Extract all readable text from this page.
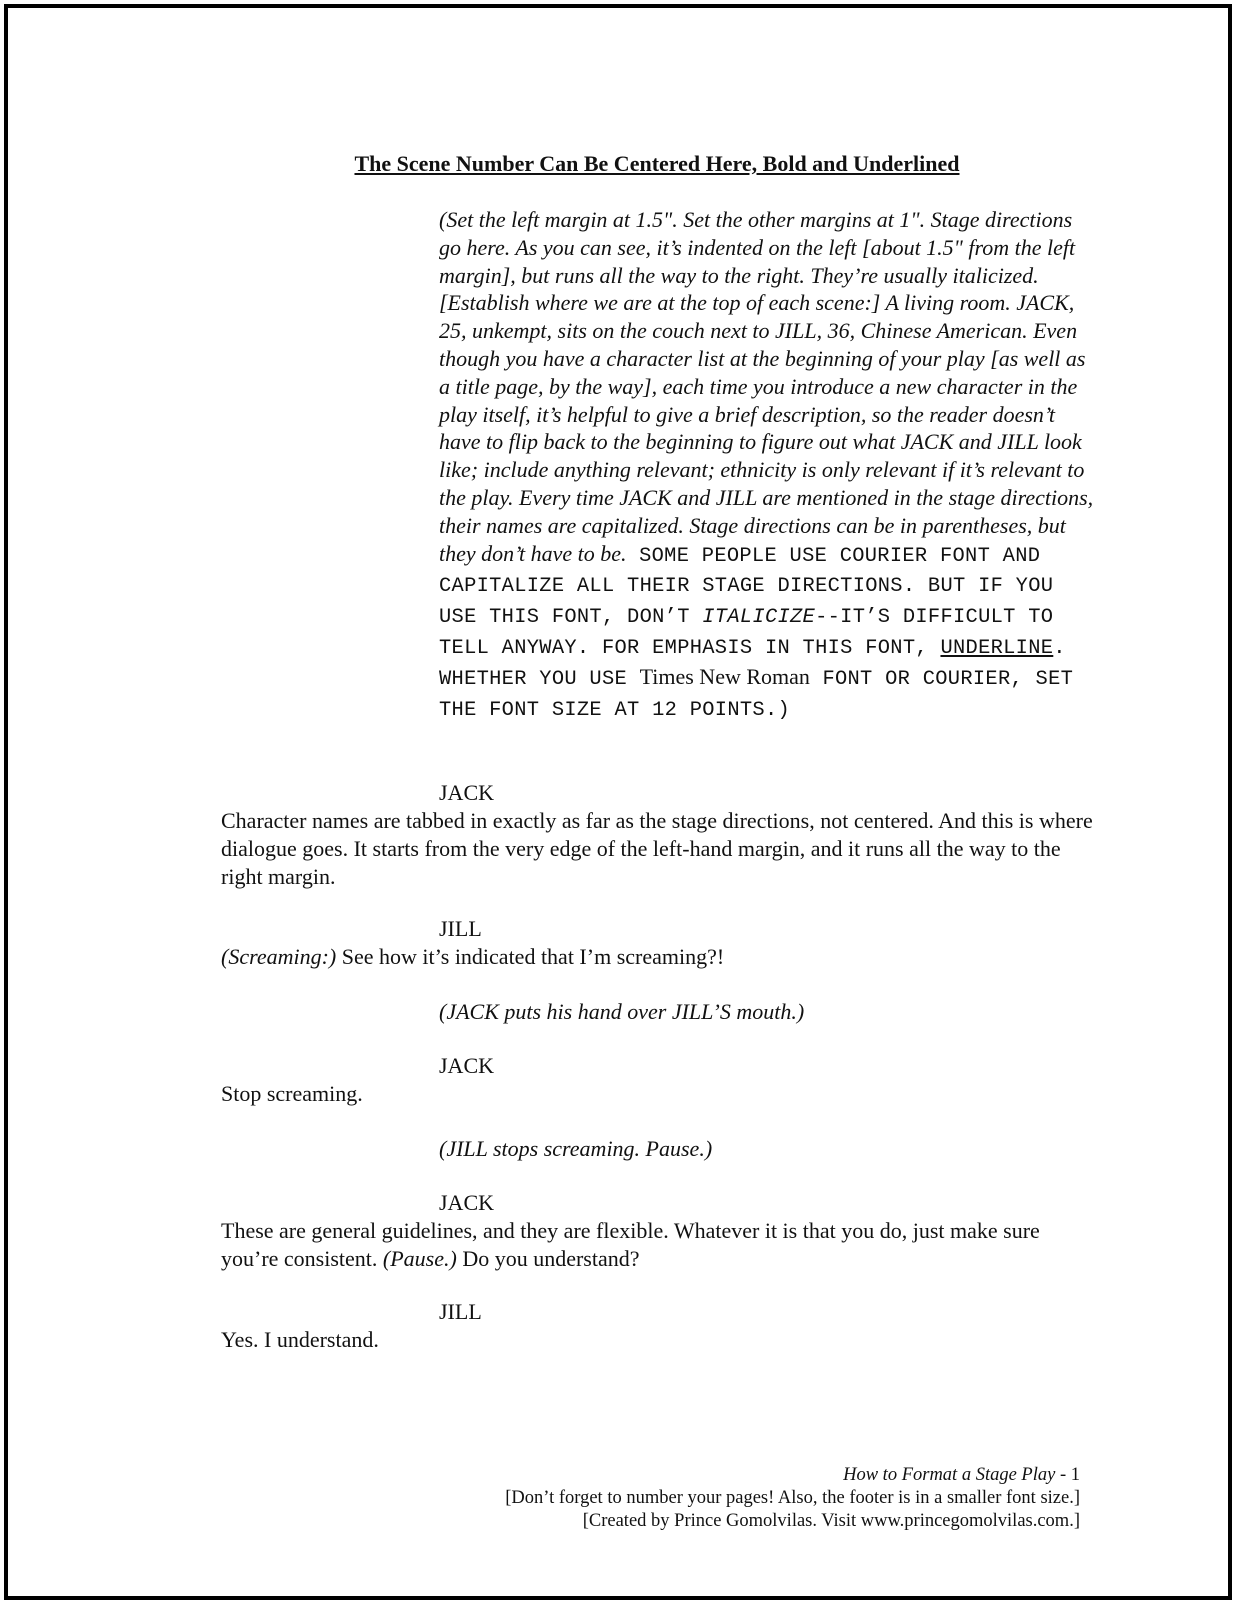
The Scene Number Can Be Centered Here, Bold and Underlined

(Set the left margin at 1.5". Set the other margins at 1". Stage directions go here. As you can see, it’s indented on the left [about 1.5" from the left margin], but runs all the way to the right. They’re usually italicized. [Establish where we are at the top of each scene:] A living room. JACK, 25, unkempt, sits on the couch next to JILL, 36, Chinese American. Even though you have a character list at the beginning of your play [as well as a title page, by the way], each time you introduce a new character in the play itself, it’s helpful to give a brief description, so the reader doesn’t have to flip back to the beginning to figure out what JACK and JILL look like; include anything relevant; ethnicity is only relevant if it’s relevant to the play. Every time JACK and JILL are mentioned in the stage directions, their names are capitalized. Stage directions can be in parentheses, but they don’t have to be. SOME PEOPLE USE COURIER FONT AND CAPITALIZE ALL THEIR STAGE DIRECTIONS. BUT IF YOU USE THIS FONT, DON’T ITALICIZE--IT’S DIFFICULT TO TELL ANYWAY. FOR EMPHASIS IN THIS FONT, UNDERLINE. WHETHER YOU USE Times New Roman FONT OR COURIER, SET THE FONT SIZE AT 12 POINTS.)

JACK

Character names are tabbed in exactly as far as the stage directions, not centered. And this is where dialogue goes. It starts from the very edge of the left-hand margin, and it runs all the way to the right margin.

JILL

(Screaming:) See how it’s indicated that I’m screaming?!

(JACK puts his hand over JILL’S mouth.)

JACK

Stop screaming.

(JILL stops screaming. Pause.)

JACK

These are general guidelines, and they are flexible. Whatever it is that you do, just make sure you’re consistent. (Pause.) Do you understand?

JILL

Yes. I understand.

How to Format a Stage Play - 1
[Don’t forget to number your pages! Also, the footer is in a smaller font size.]
[Created by Prince Gomolvilas. Visit www.princegomolvilas.com.]
